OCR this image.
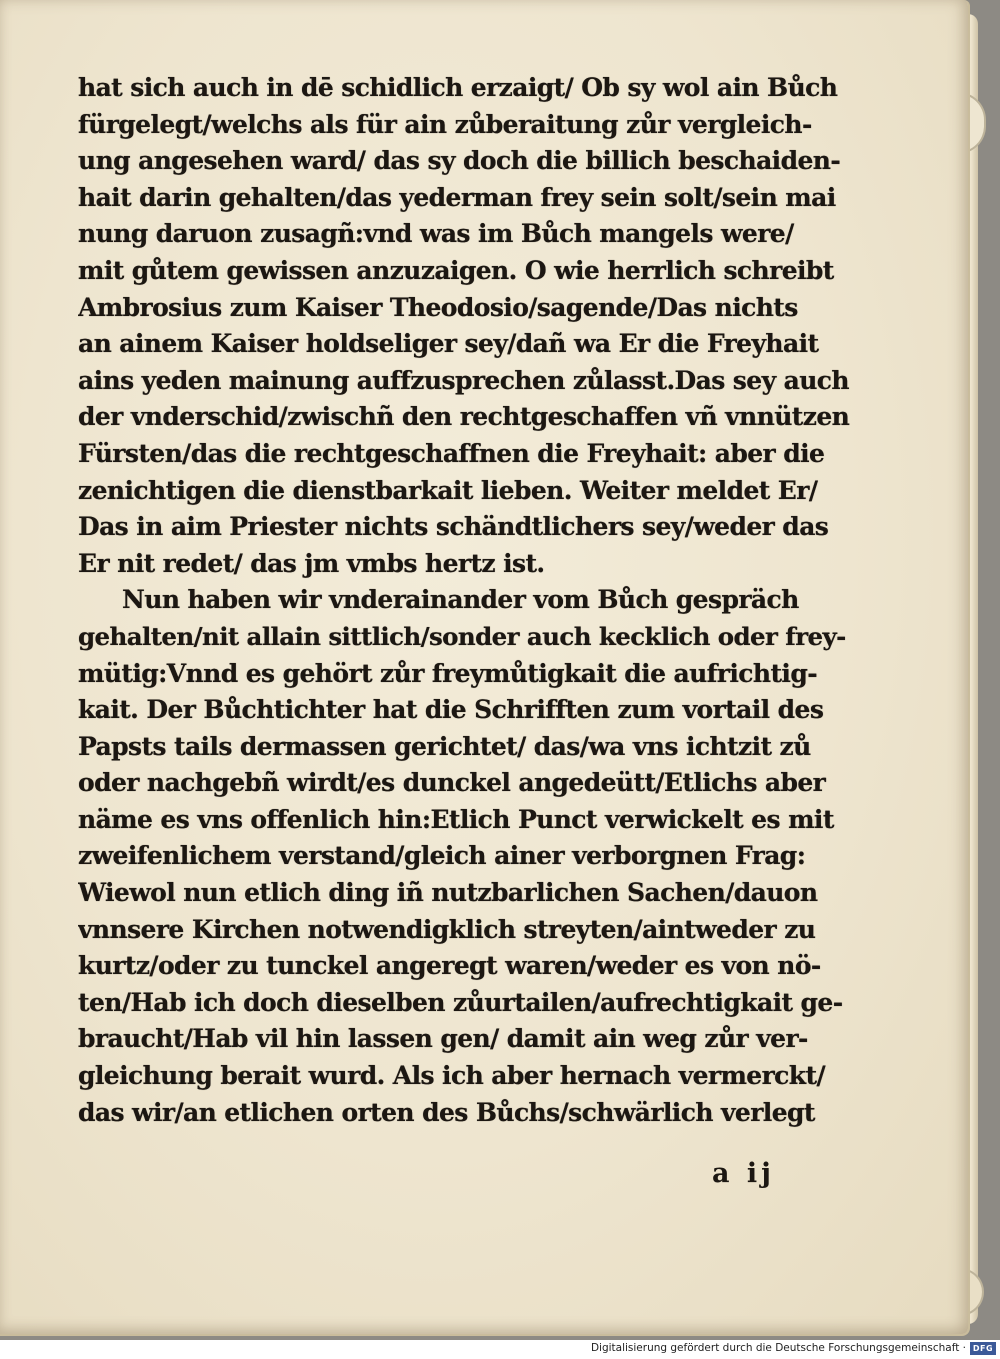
hat sich auch in dē schidlich erzaigt/ Ob sy wol ain Bůch
fürgelegt/welchs als für ain zůberaitung zůr vergleich-
ung angesehen ward/ das sy doch die billich beschaiden-
hait darin gehalten/das yederman frey sein solt/sein mai
nung daruon zusagñ:vnd was im Bůch mangels were/
mit gůtem gewissen anzuzaigen. O wie herrlich schreibt
Ambrosius zum Kaiser Theodosio/sagende/Das nichts
an ainem Kaiser holdseliger sey/dañ wa Er die Freyhait
ains yeden mainung auffzusprechen zůlasst.Das sey auch
der vnderschid/zwischñ den rechtgeschaffen vñ vnnützen
Fürsten/das die rechtgeschaffnen die Freyhait: aber die
zenichtigen die dienstbarkait lieben. Weiter meldet Er/
Das in aim Priester nichts schändtlichers sey/weder das
Er nit redet/ das jm vmbs hertz ist.
Nun haben wir vnderainander vom Bůch gespräch
gehalten/nit allain sittlich/sonder auch kecklich oder frey-
mütig:Vnnd es gehört zůr freymůtigkait die aufrichtig-
kait. Der Bůchtichter hat die Schrifften zum vortail des
Papsts tails dermassen gerichtet/ das/wa vns ichtzit zů
oder nachgebñ wirdt/es dunckel angedeütt/Etlichs aber
näme es vns offenlich hin:Etlich Punct verwickelt es mit
zweifenlichem verstand/gleich ainer verborgnen Frag:
Wiewol nun etlich ding iñ nutzbarlichen Sachen/dauon
vnnsere Kirchen notwendigklich streyten/aintweder zu
kurtz/oder zu tunckel angeregt waren/weder es von nö-
ten/Hab ich doch dieselben zůurtailen/aufrechtigkait ge-
braucht/Hab vil hin lassen gen/ damit ain weg zůr ver-
gleichung berait wurd. Als ich aber hernach vermerckt/
das wir/an etlichen orten des Bůchs/schwärlich verlegt
a ij
Digitalisierung gefördert durch die Deutsche Forschungsgemeinschaft · DFG
